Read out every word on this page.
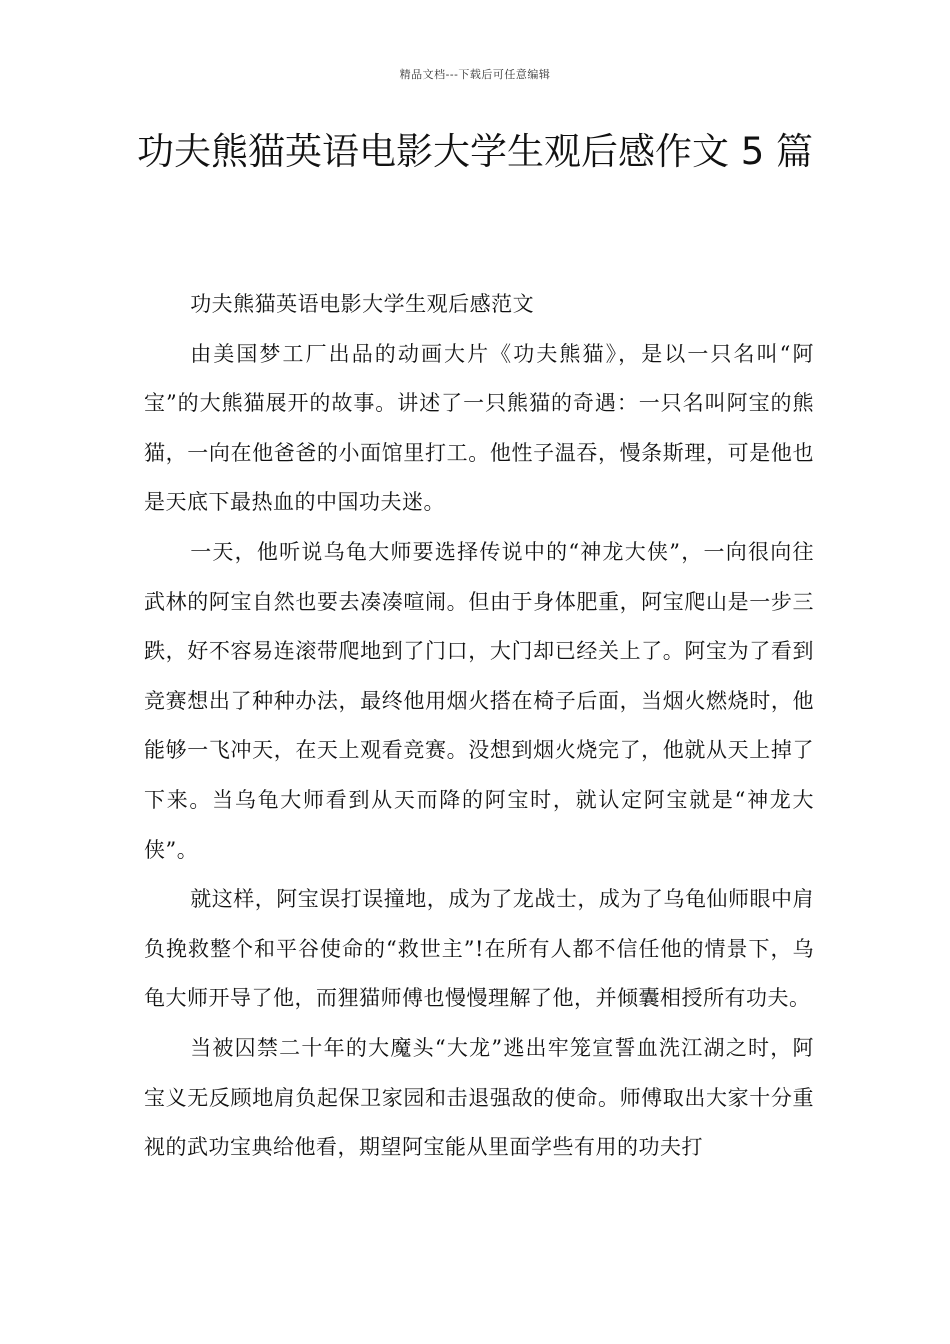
精品文档---下载后可任意编辑
功夫熊猫英语电影大学生观后感作文 5 篇

功夫熊猫英语电影大学生观后感范文

由美国梦工厂出品的动画大片《功夫熊猫》，是以一只名叫“阿宝”的大熊猫展开的故事。讲述了一只熊猫的奇遇：一只名叫阿宝的熊猫，一向在他爸爸的小面馆里打工。他性子温吞，慢条斯理，可是他也是天底下最热血的中国功夫迷。

一天，他听说乌龟大师要选择传说中的“神龙大侠”，一向很向往武林的阿宝自然也要去凑凑喧闹。但由于身体肥重，阿宝爬山是一步三跌，好不容易连滚带爬地到了门口，大门却已经关上了。阿宝为了看到竞赛想出了种种办法，最终他用烟火搭在椅子后面，当烟火燃烧时，他能够一飞冲天，在天上观看竞赛。没想到烟火烧完了，他就从天上掉了下来。当乌龟大师看到从天而降的阿宝时，就认定阿宝就是“神龙大侠”。

就这样，阿宝误打误撞地，成为了龙战士，成为了乌龟仙师眼中肩负挽救整个和平谷使命的“救世主”!在所有人都不信任他的情景下，乌龟大师开导了他，而狸猫师傅也慢慢理解了他，并倾囊相授所有功夫。

当被囚禁二十年的大魔头“大龙”逃出牢笼宣誓血洗江湖之时，阿宝义无反顾地肩负起保卫家园和击退强敌的使命。师傅取出大家十分重视的武功宝典给他看，期望阿宝能从里面学些有用的功夫打
